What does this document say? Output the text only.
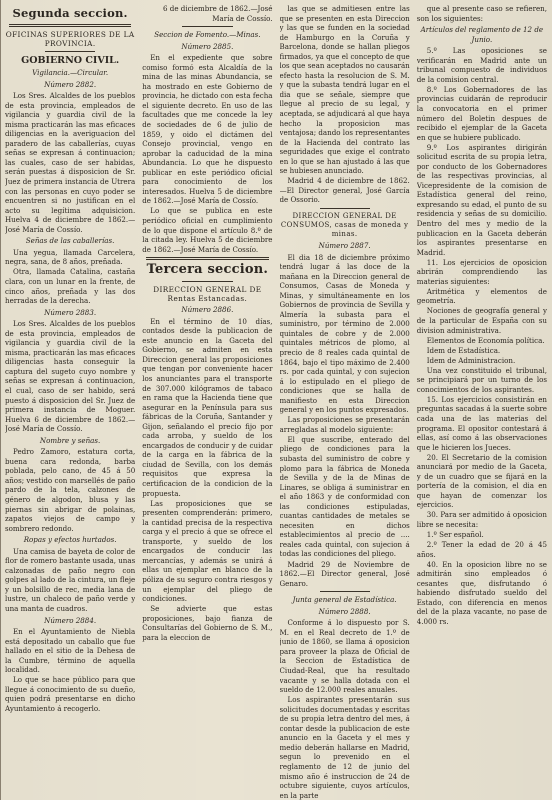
Segunda seccion.
OFICINAS SUPERIORES DE LA PROVINCIA.
GOBIERNO CIVIL.
Vigilancia.—Circular.
Número 2882.

Los Sres. Alcaldes de los pueblos de esta provincia, empleados de vigilancia y guardia civil de la misma practicarán las mas eficaces diligencias en la averiguacion del paradero de las caballerías, cuyas señas se expresan á continuacion; las cuales, caso de ser habidas, serán puestas á disposicion de Sr. Juez de primera instancia de Utrera con las personas en cuyo poder se encuentren si no justifican en el acto su legítima adquisicion. Huelva 4 de diciembre de 1862.—José María de Cossío.

Señas de las caballerías.

Una yegua, llamada Carcelera, negra, sana, de 8 años, preñada.

Otra, llamada Catalina, castaña clara, con un lunar en la frente, de cinco años, preñada y las dos herradas de la derecha.

Número 2883.

Los Sres. Alcaldes de los pueblos de esta provincia, empleados de vigilancia y guardia civil de la misma, practicarán las mas eficaces diligencias hasta conseguir la captura del sugeto cuyo nombre y señas se expresan á continuacion, el cual, caso de ser habido, será puesto á disposicion del Sr. Juez de primera instancia de Moguer. Huelva 6 de diciembre de 1862.—José María de Cossío.

Nombre y señas.

Pedro Zamoro, estatura corta, buena cara redonda, barba poblada, pelo cano, de 45 á 50 años; vestido con marsellés de paño pardo de la tela, calzones de género de algodon, blusa y las piernas sin abrigar de polainas, zapatos viejos de campo y sombrero redondo.

Ropas y efectos hurtados.

Una camisa de bayeta de color de flor de romero bastante usada, unas calzonadas de paño negro con golpes al lado de la cintura, un fleje y un bolsillo de rec, media lana de lustre, un chaleco de paño verde y una manta de cuadros.

Número 2884.

En el Ayuntamiento de Niebla está depositado un caballo que fue hallado en el sitio de la Dehesa de la Cumbre, término de aquella localidad.

Lo que se hace público para que llegue á conocimiento de su dueño, quien podrá presentarse en dicho Ayuntamiento á recogerlo.

6 de diciembre de 1862.—José María de Cossío.

Seccion de Fomento.—Minas.
Número 2885.

En el expediente que sobre comiso formó esta Alcaldía de la mina de las minas Abundancia, se ha mostrado en este Gobierno de provincia, he dictado con esta fecha el siguiente decreto. En uso de las facultades que me concede la ley de sociedades de 6 de julio de 1859, y oido el dictámen del Consejo provincial, vengo en aprobar la caducidad de la mina Abundancia. Lo que he dispuesto publicar en este periódico oficial para conocimiento de los interesados. Huelva 5 de diciembre de 1862.—José María de Cossío.

Lo que se publica en este periódico oficial en cumplimiento de lo que dispone el artículo 8.º de la citada ley. Huelva 5 de diciembre de 1862.—José María de Cossío.

Tercera seccion.
DIRECCION GENERAL DE Rentas Estancadas.
Número 2886.

En el término de 10 días, contados desde la publicacion de este anuncio en la Gaceta del Gobierno, se admiten en esta Direccion general las proposiciones que tengan por conveniente hacer los anunciantes para el transporte de 307.000 kilógramos de tabaco en rama que la Hacienda tiene que asegurar en la Península para sus fábricas de la Coruña, Santander y Gijon, señalando el precio fijo por cada arroba, y sueldo de los encargados de conducir y de cuidar de la carga en la fábrica de la ciudad de Sevilla, con los demás requisitos que expresa la certificacion de la condicion de la propuesta.

Las proposiciones que se presenten comprenderán: primero, la cantidad precisa de la respectiva carga y el precio á que se ofrece el transporte, y sueldo de los encargados de conducir las mercancías, y además se unirá á ellas un ejemplar en blanco de la póliza de su seguro contra riesgos y un ejemplar del pliego de condiciones.

Se advierte que estas proposiciones, bajo fianza de Consultarías del Gobierno de S. M., para la eleccion de

las que se admitiesen entre las que se presenten en esta Direccion y las que se funden en la sociedad de Hamburgo en la Coruña y Barcelona, donde se hallan pliegos firmados, ya que el concepto de que los que sean aceptados no causarán efecto hasta la resolucion de S. M. y que la subasta tendrá lugar en el dia que se señale, siempre que llegue al precio de su legal, y aceptada, se adjudicará al que haya hecho la proposicion mas ventajosa; dando los representantes de la Hacienda del contrato las seguridades que exige el contrato en lo que se han ajustado á las que se hubiesen anunciado.

Madrid 4 de diciembre de 1862.—El Director general, José García de Ossorio.

DIRECCION GENERAL DE CONSUMOS, casas de moneda y minas.
Número 2887.

El dia 18 de diciembre próximo tendrá lugar á las doce de la mañana en la Direccion general de Consumos, Casas de Moneda y Minas, y simultáneamente en los Gobiernos de provincia de Sevilla y Almería la subasta para el suministro, por término de 2.000 quintales de cobre y de 2.000 quintales métricos de plomo, al precio de 8 reales cada quintal de 1864, bajo el tipo máximo de 2.400 rs. por cada quintal, y con sujecion á lo estipulado en el pliego de condiciones que se halla de manifiesto en esta Direccion general y en los puntos expresados.

Las proposiciones se presentarán arregladas al modelo siguiente:

El que suscribe, enterado del pliego de condiciones para la subasta del suministro de cobre y plomo para la fábrica de Moneda de Sevilla y de la de Minas de Linares, se obliga á suministrar en el año 1863 y de conformidad con las condiciones estipuladas, cuantas cantidades de metales se necesiten en dichos establecimientos al precio de .... reales cada quintal, con sujecion á todas las condiciones del pliego.

Madrid 29 de Noviembre de 1862.—El Director general, José Genaro.

Junta general de Estadística.
Número 2888.

Conforme á lo dispuesto por S. M. en el Real decreto de 1.º de junio de 1860, se llama á oposicion para proveer la plaza de Oficial de la Seccion de Estadística de Ciudad-Real, que ha resultado vacante y se halla dotada con el sueldo de 12.000 reales anuales.

Los aspirantes presentarán sus solicitudes documentadas y escritas de su propia letra dentro del mes, á contar desde la publicacion de este anuncio en la Gaceta y el mes y medio deberán hallarse en Madrid, segun lo prevenido en el reglamento de 12 de junio del mismo año é instruccion de 24 de octubre siguiente, cuyos artículos, en la parte

que al presente caso se refieren, son los siguientes:

Artículos del reglamento de 12 de Junio.

5.º Las oposiciones se verificarán en Madrid ante un tribunal compuesto de individuos de la comision central.

8.º Los Gobernadores de las provincias cuidarán de reproducir la convocatoria en el primer número del Boletin despues de recibido el ejemplar de la Gaceta en que se hubiere publicado.

9.º Los aspirantes dirigirán solicitud escrita de su propia letra, por conducto de los Gobernadores de las respectivas provincias, al Vicepresidente de la comision de Estadística general del reino, expresando su edad, el punto de su residencia y señas de su domicilio. Dentro del mes y medio de la publicacion en la Gaceta deberán los aspirantes presentarse en Madrid.

11. Los ejercicios de oposicion abrirán comprendiendo las materias siguientes:

Aritmética y elementos de geometría.

Nociones de geografía general y de la particular de España con su division administrativa.

Elementos de Economía política.

Idem de Estadística.

Idem de Administracion.

Una vez constituido el tribunal, se principiará por un turno de los conocimientos de los aspirantes.

15. Los ejercicios consistirán en preguntas sacadas á la suerte sobre cada una de las materias del programa. El opositor contestará á ellas, así como á las observaciones que le hicieren los Jueces.

20. El Secretario de la comision anunciará por medio de la Gaceta, y de un cuadro que se fijará en la portería de la comision, el dia en que hayan de comenzar los ejercicios.

30. Para ser admitido á oposicion libre se necesita:

1.º Ser español.

2.º Tener la edad de 20 á 45 años.

40. En la oposicion libre no se admitirán sino empleados ó cesantes que, disfrutando ó habiendo disfrutado sueldo del Estado, con diferencia en menos del de la plaza vacante, no pase de 4.000 rs.
